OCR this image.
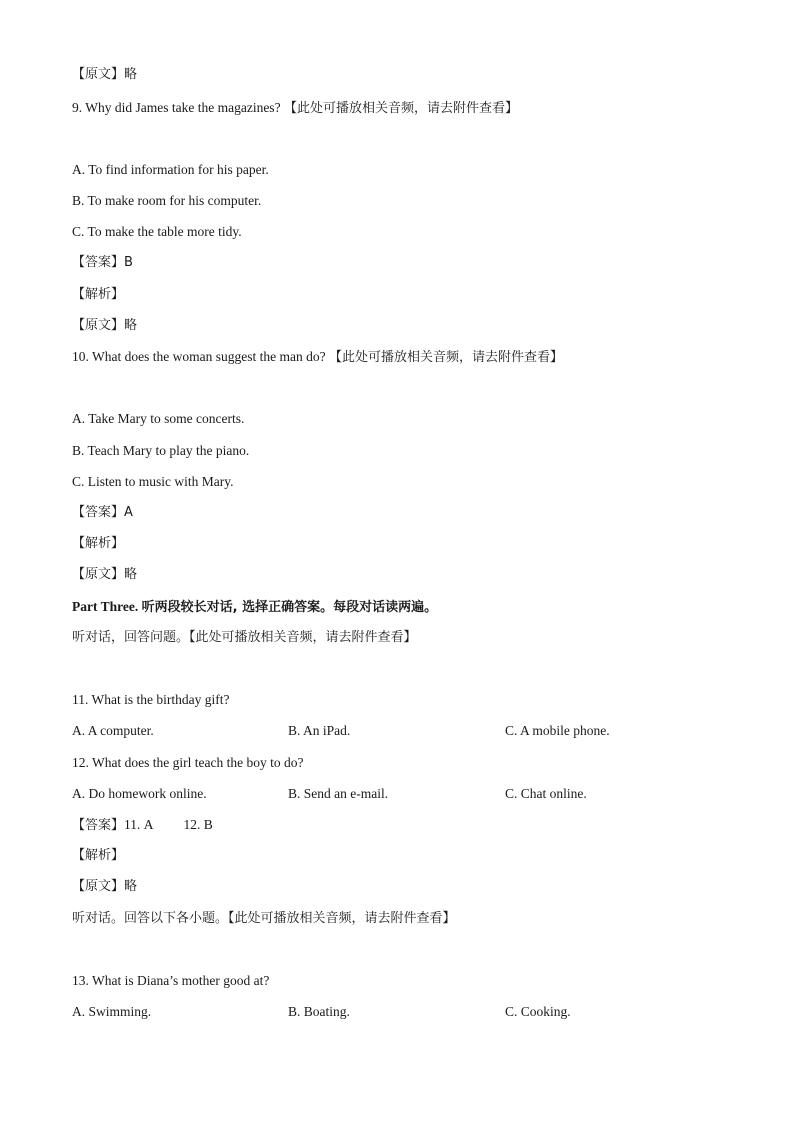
【原文】略
9. Why did James take the magazines? 【此处可播放相关音频，请去附件查看】
A. To find information for his paper.
B. To make room for his computer.
C. To make the table more tidy.
【答案】B
【解析】
【原文】略
10. What does the woman suggest the man do? 【此处可播放相关音频，请去附件查看】
A. Take Mary to some concerts.
B. Teach Mary to play the piano.
C. Listen to music with Mary.
【答案】A
【解析】
【原文】略
Part Three. 听两段较长对话, 选择正确答案。每段对话读两遍。
听对话，回答问题。【此处可播放相关音频，请去附件查看】
11. What is the birthday gift?
A. A computer.	B. An iPad.	C. A mobile phone.
12. What does the girl teach the boy to do?
A. Do homework online.	B. Send an e-mail.	C. Chat online.
【答案】11. A 12. B
【解析】
【原文】略
听对话。回答以下各小题。【此处可播放相关音频，请去附件查看】
13. What is Diana’s mother good at?
A. Swimming.	B. Boating.	C. Cooking.
